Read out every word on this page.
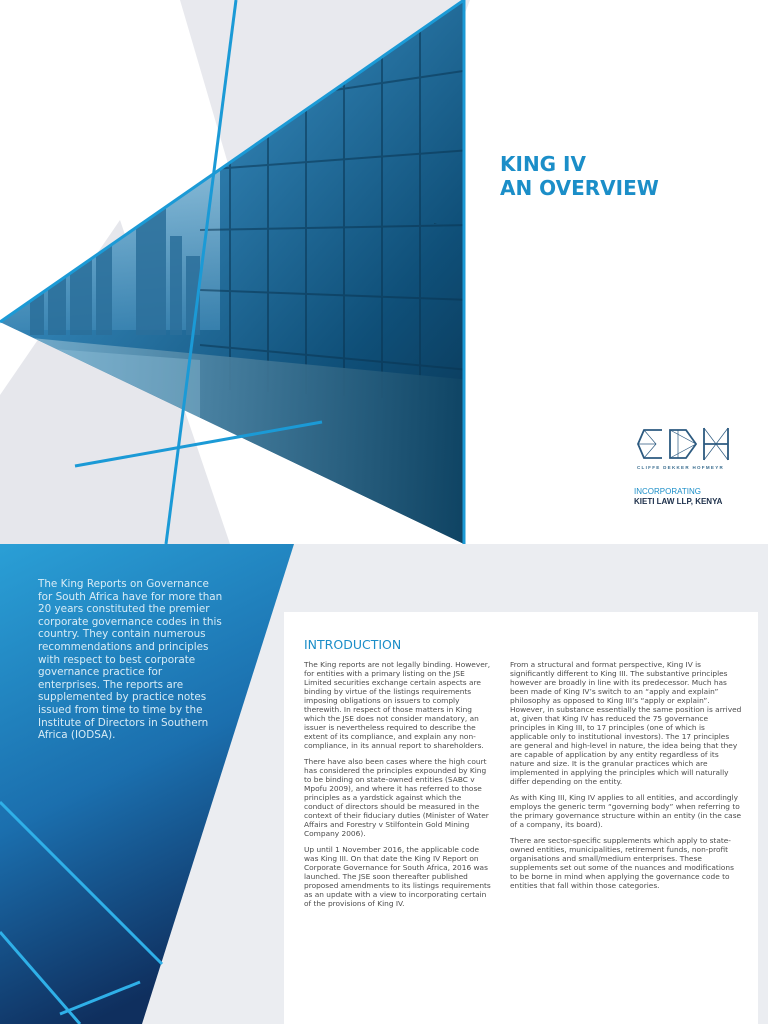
KING IV
AN OVERVIEW
CDH
CLIFFE DEKKER HOFMEYR
INCORPORATING
KIETI LAW LLP, KENYA
The King Reports on Governance for South Africa have for more than 20 years constituted the premier corporate governance codes in this country. They contain numerous recommendations and principles with respect to best corporate governance practice for enterprises. The reports are supplemented by practice notes issued from time to time by the Institute of Directors in Southern Africa (IODSA).
INTRODUCTION

The King reports are not legally binding. However, for entities with a primary listing on the JSE Limited securities exchange certain aspects are binding by virtue of the listings requirements imposing obligations on issuers to comply therewith. In respect of those matters in King which the JSE does not consider mandatory, an issuer is nevertheless required to describe the extent of its compliance, and explain any non-compliance, in its annual report to shareholders.

There have also been cases where the high court has considered the principles expounded by King to be binding on state-owned entities (SABC v Mpofu 2009), and where it has referred to those principles as a yardstick against which the conduct of directors should be measured in the context of their fiduciary duties (Minister of Water Affairs and Forestry v Stilfontein Gold Mining Company 2006).

Up until 1 November 2016, the applicable code was King III. On that date the King IV Report on Corporate Governance for South Africa, 2016 was launched. The JSE soon thereafter published proposed amendments to its listings requirements as an update with a view to incorporating certain of the provisions of King IV.

From a structural and format perspective, King IV is significantly different to King III. The substantive principles however are broadly in line with its predecessor. Much has been made of King IV’s switch to an “apply and explain” philosophy as opposed to King III’s “apply or explain”. However, in substance essentially the same position is arrived at, given that King IV has reduced the 75 governance principles in King III, to 17 principles (one of which is applicable only to institutional investors). The 17 principles are general and high-level in nature, the idea being that they are capable of application by any entity regardless of its nature and size. It is the granular practices which are implemented in applying the principles which will naturally differ depending on the entity.

As with King III, King IV applies to all entities, and accordingly employs the generic term “governing body” when referring to the primary governance structure within an entity (in the case of a company, its board).

There are sector-specific supplements which apply to state-owned entities, municipalities, retirement funds, non-profit organisations and small/medium enterprises. These supplements set out some of the nuances and modifications to be borne in mind when applying the governance code to entities that fall within those categories.
